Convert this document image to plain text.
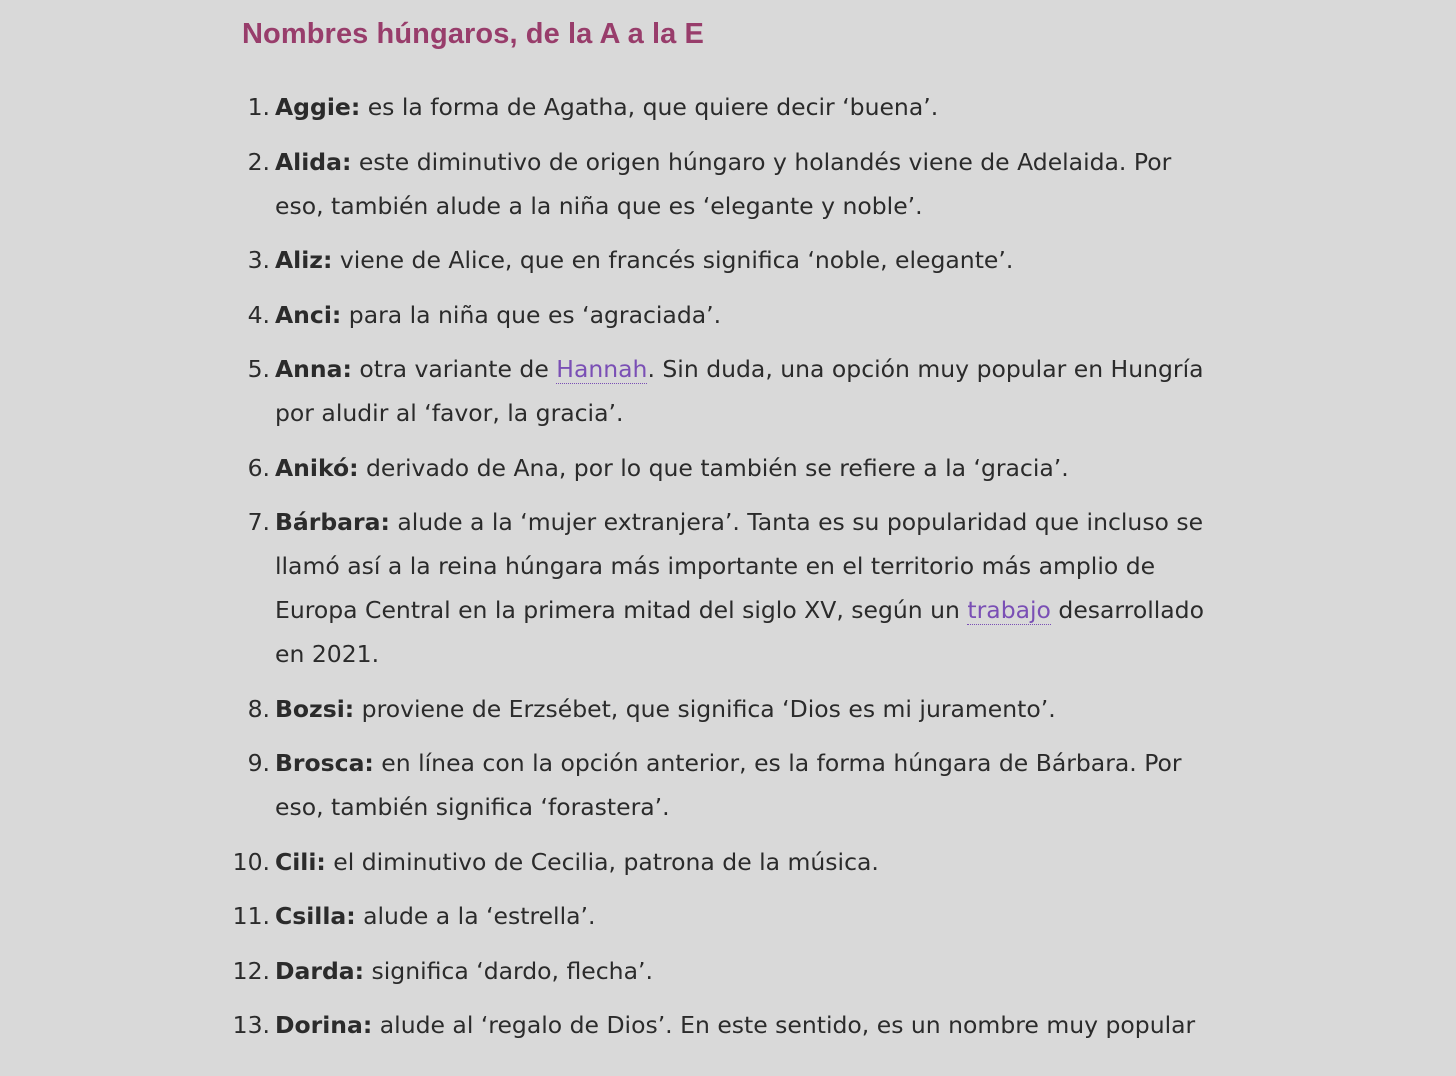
Nombres húngaros, de la A a la E
1. Aggie: es la forma de Agatha, que quiere decir ‘buena’.
2. Alida: este diminutivo de origen húngaro y holandés viene de Adelaida. Por eso, también alude a la niña que es ‘elegante y noble’.
3. Aliz: viene de Alice, que en francés significa ‘noble, elegante’.
4. Anci: para la niña que es ‘agraciada’.
5. Anna: otra variante de Hannah. Sin duda, una opción muy popular en Hungría por aludir al ‘favor, la gracia’.
6. Anikó: derivado de Ana, por lo que también se refiere a la ‘gracia’.
7. Bárbara: alude a la ‘mujer extranjera’. Tanta es su popularidad que incluso se llamó así a la reina húngara más importante en el territorio más amplio de Europa Central en la primera mitad del siglo XV, según un trabajo desarrollado en 2021.
8. Bozsi: proviene de Erzsébet, que significa ‘Dios es mi juramento’.
9. Brosca: en línea con la opción anterior, es la forma húngara de Bárbara. Por eso, también significa ‘forastera’.
10. Cili: el diminutivo de Cecilia, patrona de la música.
11. Csilla: alude a la ‘estrella’.
12. Darda: significa ‘dardo, flecha’.
13. Dorina: alude al ‘regalo de Dios’. En este sentido, es un nombre muy popular
